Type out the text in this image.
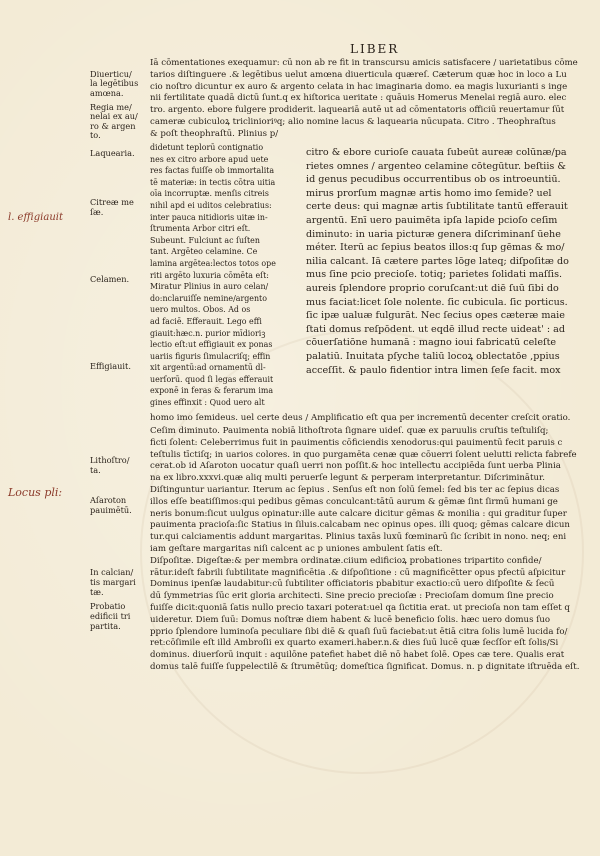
LIBER
Diuerticu/
la legētibus
amœna.
Regia me/
nelai ex au/
ro & argen
to.
Laquearia.
Citreæ me
ſæ.
Celamen.
Effigiauit.
Lithoſtro/
ta.
Aſaroton
pauimētū.
In calcian/
tis margari
tæ.
Probatio
edificii tri
partita.
l. effigiauit
Locus pli:
Iā cōmentationes exequamur: cū non ab re fit in transcursu amicis satisfacere / uarietatibus cōme
tarios diſtinguere .& legētibus uelut amœna diuerticula quæreſ. Cæterum quæ hoc in loco a Lu
cio noſtro dicuntur ex auro & argento celata in hac imaginaria domo. ea magis luxurianti s inge
nii fertilitate quadā dictū ſunt.q ex hiſtorica ueritate : quāuis Homerus Menelai regiā auro. elec
tro. argento. ebore fulgere prodiderit. laqueariā autē ut ad cōmentatoris officiū reuertamur ſūt
cameræ cubiculoꝝ triclinioriꝰq; alio nomine lacus & laquearia nūcupata. Citro . Theophraſtus
& poſt theophraſtū. Plinius p/
didetunt teplorū contignatio
nes ex citro arbore apud uete
res factas fuiſſe ob immortalita
tē materiæ: in tectis cōtra uitia
oīa incorruptæ. menſis citreis
nihil apd ei uditos celebratius:
inter pauca nitidioris uitæ in-
ſtrumenta Arbor citri eſt.
Subeunt. Fulciunt ac ſuſten
tant. Argēteo celamine. Ce
lamina argētea:lectos totos ope
riti argēto luxuria cōmēta eſt:
Miratur Plinius in auro celan/
do:nclaruiſſe nemine/argento
uero multos. Obos. Ad os
ad faciē. Efferauit. Lego effi
giauit:hæc.n. purior mīdioriꝫ
lectio eſt:ut effigiauit ex ponas
uariis figuris ſimulacriſq; effin
xit argentū:ad ornamentū dl-
uerſorū. quod ſi legas efferauit
exponē in feras & ferarum ima
gines effinxit : Quod uero alt
homo imo ſemideus. uel certe deus / Amplificatio eſt qua per incrementū decenter creſcit oratio.
citro & ebore curioſe cauata ſubeūt aureæ colūnæ/pa
rietes omnes / argenteo celamine cōtegūtur. beſtiis &
id genus pecudibus occurrentibus ob os introeuntiū.
mirus prorſum magnæ artis homo imo ſemide? uel
certe deus: qui magnæ artis ſubtilitate tantū efferauit
argentū. Enī uero pauimēta ipſa lapide pcioſo ceſim
diminuto: in uaria picturæ genera diſcriminanſ ūehe
méter. Iterū ac ſepius beatos illos:q ſup gēmas & mo/
nilia calcant. Iā cætere partes lōge lateq; diſpoſitæ do
mus ſine pcio precioſe. totiq; parietes ſolidati maſſis.
aureis ſplendore proprio coruſcant:ut diē ſuū ſibi do
mus faciat:licet ſole nolente. ſic cubicula. ſic porticus.
ſic ipæ ualuæ fulgurāt. Nec ſecius opes cæteræ maie
ſtati domus reſpōdent. ut eqdē illud recte uideat' : ad
cōuerſatiōne humanā : magno ioui fabricatū celeſte
palatiū. Inuitata pſyche taliū locoꝝ oblectatōe ,ppius
acceſſit. & paulo fidentior intra limen ſeſe facit. mox
Ceſim diminuto. Pauimenta nobiā lithoſtrota ſignare uideſ. quæ ex paruulis cruſtis teſtuliſq;
ficti ſolent: Celeberrimus fuit in pauimentis cōficiendis xenodorus:qui pauimentū fecit paruis c
teſtulis tīctiſq; in uarios colores. in quo purgamēta cenæ quæ cōuerri ſolent uelutti relicta fabrefe
cerat.ob id Aſaroton uocatur quaſi uerri non poſſit.& hoc intelleƈtu accipiēda ſunt uerba Plinia
na ex libro.xxxvi.quæ aliq multi peruerſe legunt & perperam interpretantur. Diſcriminātur.
Diſtinguntur uariantur. Iterum ac ſepius . Senſus eſt non ſolū ſemel: ſed bis ter ac ſepius dicas
illos eſſe beatiſſimos:qui pedibus gēmas conculcant:tātū aurum & gēmæ ſint ſirmū humani ge
neris bonum:ſicut uulgus opinatur:ille aute calcare dicitur gēmas & monilia : qui graditur ſuper
pauimenta pracioſa:ſic Statius in ſiluis.calcabam nec opinus opes. illi quoq; gēmas calcare dicun
tur.qui calciamentis addunt margaritas. Plinius taxās luxū fœminarū ſic ſcribit in nono. neq; eni
iam geſtare margaritas niſi calcent ac p uniones ambulent ſatis eſt.
Diſpoſitæ. Digeſtæ:& per membra ordinatæ.ciium edificioꝝ probationes tripartito confide/
rātur.ideſt fabrili ſubtilitate magnificētia .& diſpoſitione : cū magnificētter opus pfectū aſpicitur
Dominus ipenſæ laudabitur:cū ſubtiliter officiatoris pbabitur exactio:cū uero diſpoſite & ſecū
dū ſymmetrias ſūc erit gloria architecti. Sine precio precioſæ : Precioſam domum ſine precio
fuiſſe dicit:quoniā ſatis nullo precio taxari poterat:uel qa ſictitia erat. ut precioſa non tam eſſet q
uideretur. Diem ſuū: Domus noſtræ diem habent & lucē beneficio ſolis. hæc uero domus ſuo
pprio ſplendore luminoſa peculiare ſibi diē & quaſi ſuū faciebat:ut ētiā citra ſolis lumē lucida fo/
ret:cōſimile eſt illd Ambroſii ex quarto exameri.haber.n.& dies ſuū lucē quæ ſecſſor eſt ſolis/Si
dominus. diuerſorū inquit : aquilōne patefiet habet diē nō habet ſolē. Opes cæ tere. Qualis erat
domus talē fuiſſe ſuppelectilē & ſtrumētūq; domeſtica ſignificat. Domus. n. p dignitate iſtruēda eſt.
